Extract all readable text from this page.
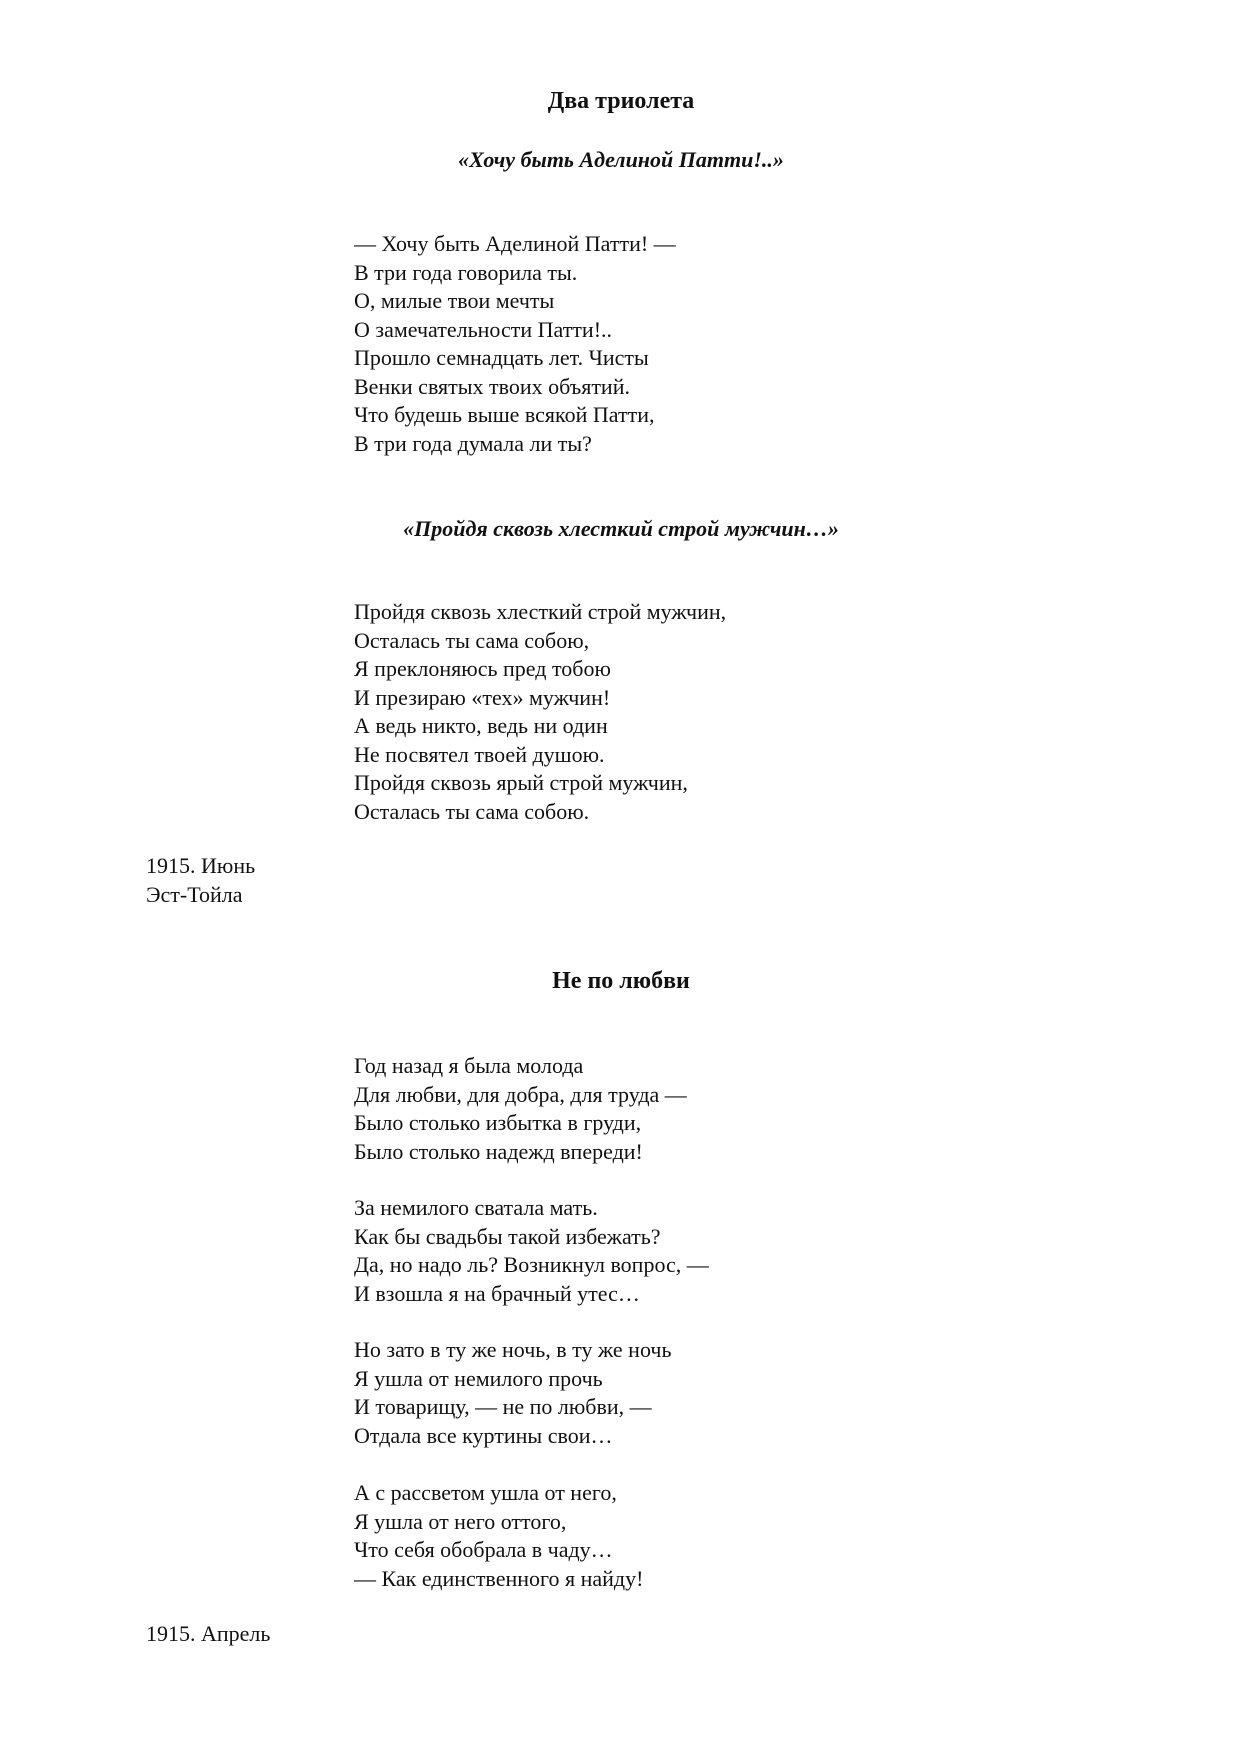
Два триолета
«Хочу быть Аделиной Патти!..»
— Хочу быть Аделиной Патти! —
В три года говорила ты.
О, милые твои мечты
О замечательности Патти!..
Прошло семнадцать лет. Чисты
Венки святых твоих объятий.
Что будешь выше всякой Патти,
В три года думала ли ты?
«Пройдя сквозь хлесткий строй мужчин…»
Пройдя сквозь хлесткий строй мужчин,
Осталась ты сама собою,
Я преклоняюсь пред тобою
И презираю «тех» мужчин!
А ведь никто, ведь ни один
Не посвятел твоей душою.
Пройдя сквозь ярый строй мужчин,
Осталась ты сама собою.
1915. Июнь
Эст-Тойла
Не по любви
Год назад я была молода
Для любви, для добра, для труда —
Было столько избытка в груди,
Было столько надежд впереди!
За немилого сватала мать.
Как бы свадьбы такой избежать?
Да, но надо ль? Возникнул вопрос, —
И взошла я на брачный утес…
Но зато в ту же ночь, в ту же ночь
Я ушла от немилого прочь
И товарищу, — не по любви, —
Отдала все куртины свои…
А с рассветом ушла от него,
Я ушла от него оттого,
Что себя обобрала в чаду…
— Как единственного я найду!
1915. Апрель
